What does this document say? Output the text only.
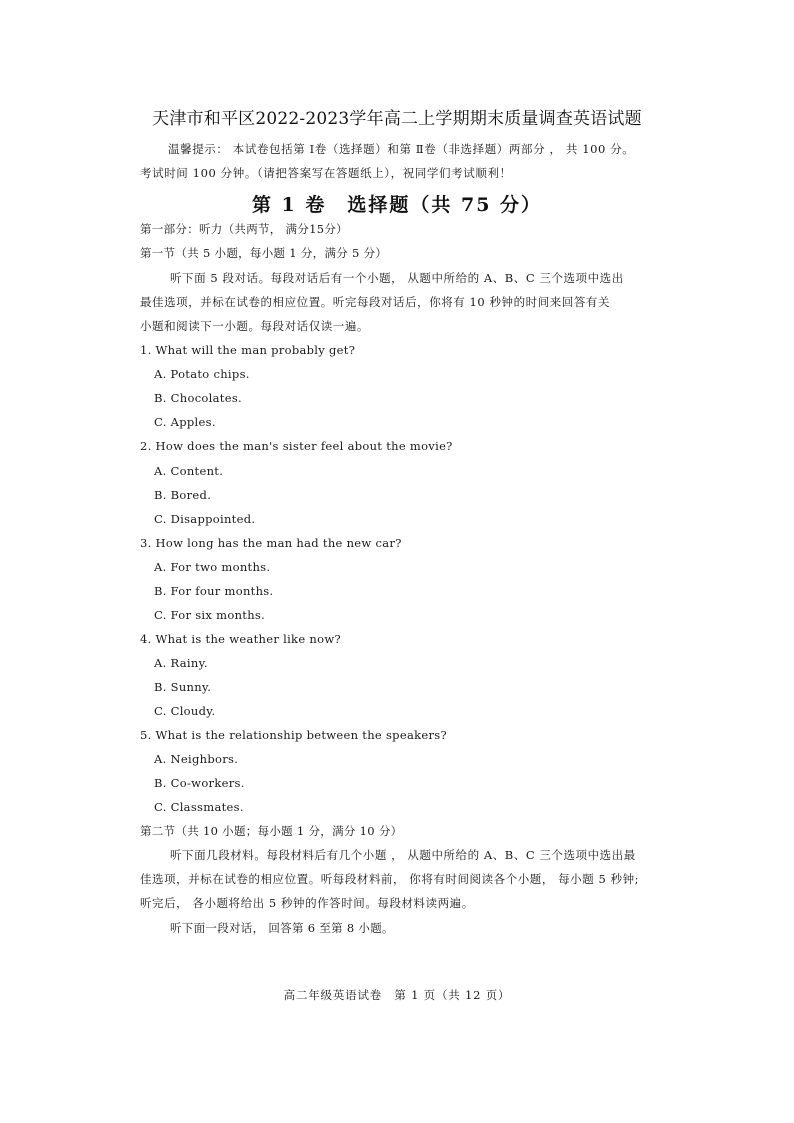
天津市和平区2022-2023学年高二上学期期末质量调查英语试题
温馨提示： 本试卷包括第 Ⅰ卷（选择题）和第 Ⅱ卷（非选择题）两部分 ， 共 100 分。
考试时间 100 分钟。（请把答案写在答题纸上），祝同学们考试顺利！
第 1 卷　选择题（共 75 分）
第一部分：听力（共两节， 满分15分）
第一节（共 5 小题，每小题 1 分，满分 5 分）

听下面 5 段对话。每段对话后有一个小题， 从题中所给的 A、B、C 三个选项中选出

最佳选项，并标在试卷的相应位置。听完每段对话后，你将有 10 秒钟的时间来回答有关

小题和阅读下一小题。每段对话仅读一遍。

1. What will the man probably get?
A. Potato chips.
B. Chocolates.
C. Apples.
2. How does the man's sister feel about the movie?
A. Content.
B. Bored.
C. Disappointed.
3. How long has the man had the new car?
A. For two months.
B. For four months.
C. For six months.
4. What is the weather like now?
A. Rainy.
B. Sunny.
C. Cloudy.
5. What is the relationship between the speakers?
A. Neighbors.
B. Co-workers.
C. Classmates.
第二节（共 10 小题；每小题 1 分，满分 10 分）

听下面几段材料。每段材料后有几个小题 ， 从题中所给的 A、B、C 三个选项中选出最

佳选项，并标在试卷的相应位置。听每段材料前， 你将有时间阅读各个小题， 每小题 5 秒钟;

听完后， 各小题将给出 5 秒钟的作答时间。每段材料读两遍。

听下面一段对话， 回答第 6 至第 8 小题。
高二年级英语试卷　第 1 页（共 12 页）
